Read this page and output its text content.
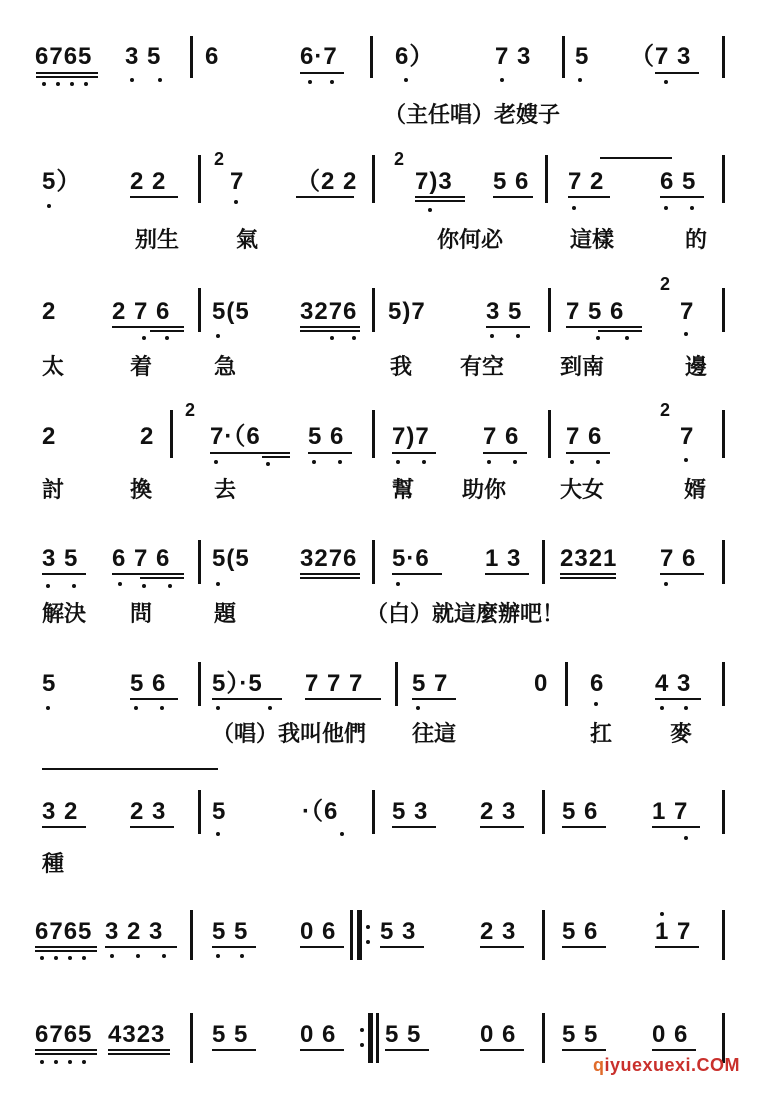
6765 3 5 6	6·7 6）	7 3 5 （7 3
（主任唱）老嫂子
5） 2 2
2
7 （2 2
2
7)3 5 6 7 2 6 5
别生	氣	你何必	這樣	的
2 2 7 6 5(5 3276 5)7	3 5 7 5 6
2
7
太	着	急	我 有空	到南	邊
2	2
2
7·（6 5 6 7)7 7 6 7 6
2
7
討	換	去	幫 助你 大女	婿
3 5 6 7 6 5(5 3276 5·6 1 3 2321 7 6
解決 問	題	（白）就這麼辦吧！
5	5 6 5）·5 7 7 7 5 7	0 6 4 3
（唱）我叫他們 往這	扛	麥
3 2 2 3 5	·（6 5 3 2 3 5 6 1 7
種
6765 3 2 3 5 5 0 6 5 3	2 3 5 6 1 7
6765 4323 5 5 0 6 5 5 0 6 5 5 0 6
qiyuexuexi.COM
